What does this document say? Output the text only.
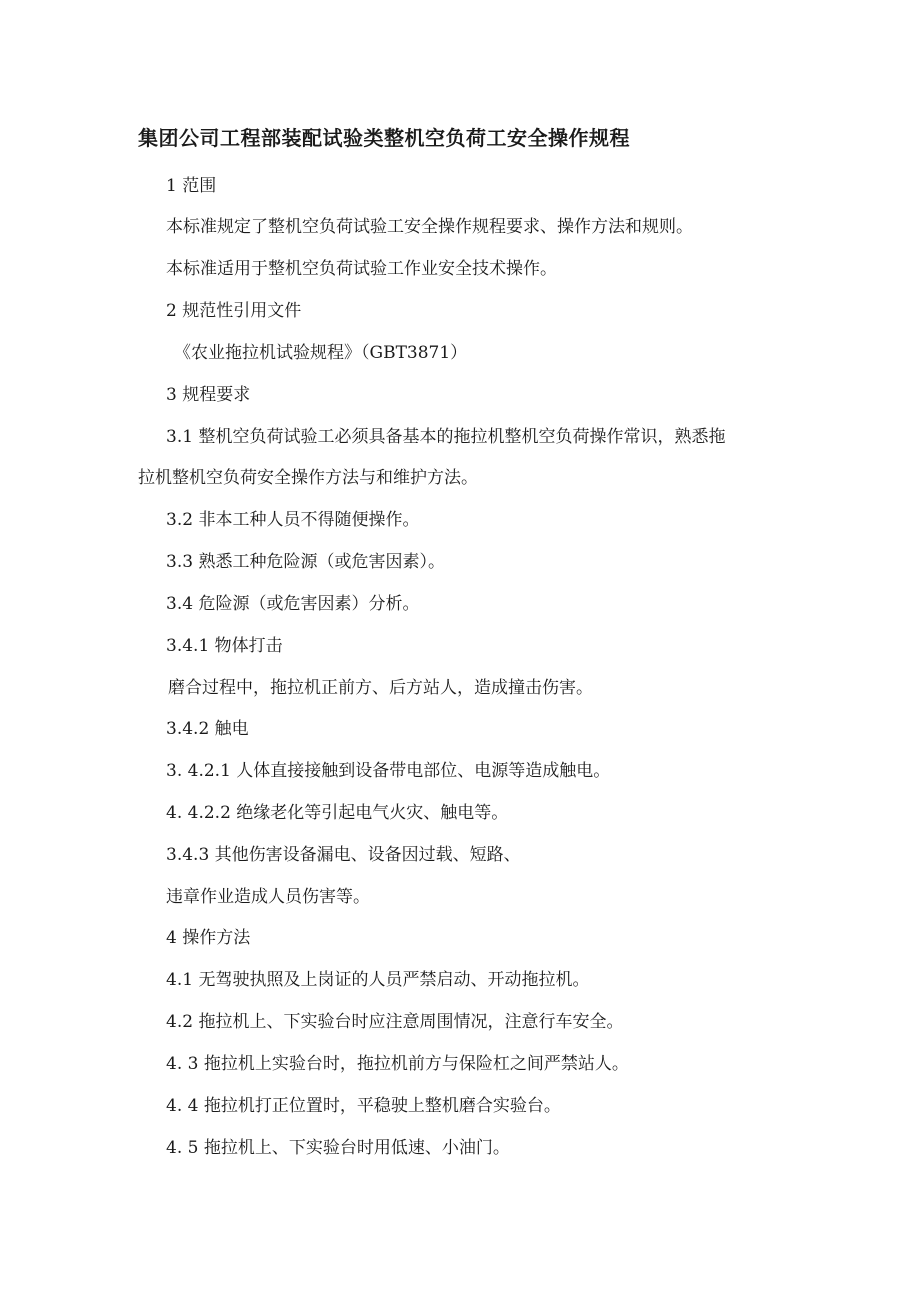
集团公司工程部装配试验类整机空负荷工安全操作规程
1 范围
本标准规定了整机空负荷试验工安全操作规程要求、操作方法和规则。
本标准适用于整机空负荷试验工作业安全技术操作。
2 规范性引用文件
《农业拖拉机试验规程》（GBT3871）
3 规程要求
3.1 整机空负荷试验工必须具备基本的拖拉机整机空负荷操作常识，熟悉拖
拉机整机空负荷安全操作方法与和维护方法。
3.2 非本工种人员不得随便操作。
3.3 熟悉工种危险源（或危害因素）。
3.4 危险源（或危害因素）分析。
3.4.1 物体打击
磨合过程中，拖拉机正前方、后方站人，造成撞击伤害。
3.4.2 触电
3. 4.2.1 人体直接接触到设备带电部位、电源等造成触电。
4. 4.2.2 绝缘老化等引起电气火灾、触电等。
3.4.3 其他伤害设备漏电、设备因过载、短路、
违章作业造成人员伤害等。
4 操作方法
4.1 无驾驶执照及上岗证的人员严禁启动、开动拖拉机。
4.2 拖拉机上、下实验台时应注意周围情况，注意行车安全。
4. 3 拖拉机上实验台时，拖拉机前方与保险杠之间严禁站人。
4. 4 拖拉机打正位置时，平稳驶上整机磨合实验台。
4. 5 拖拉机上、下实验台时用低速、小油门。
